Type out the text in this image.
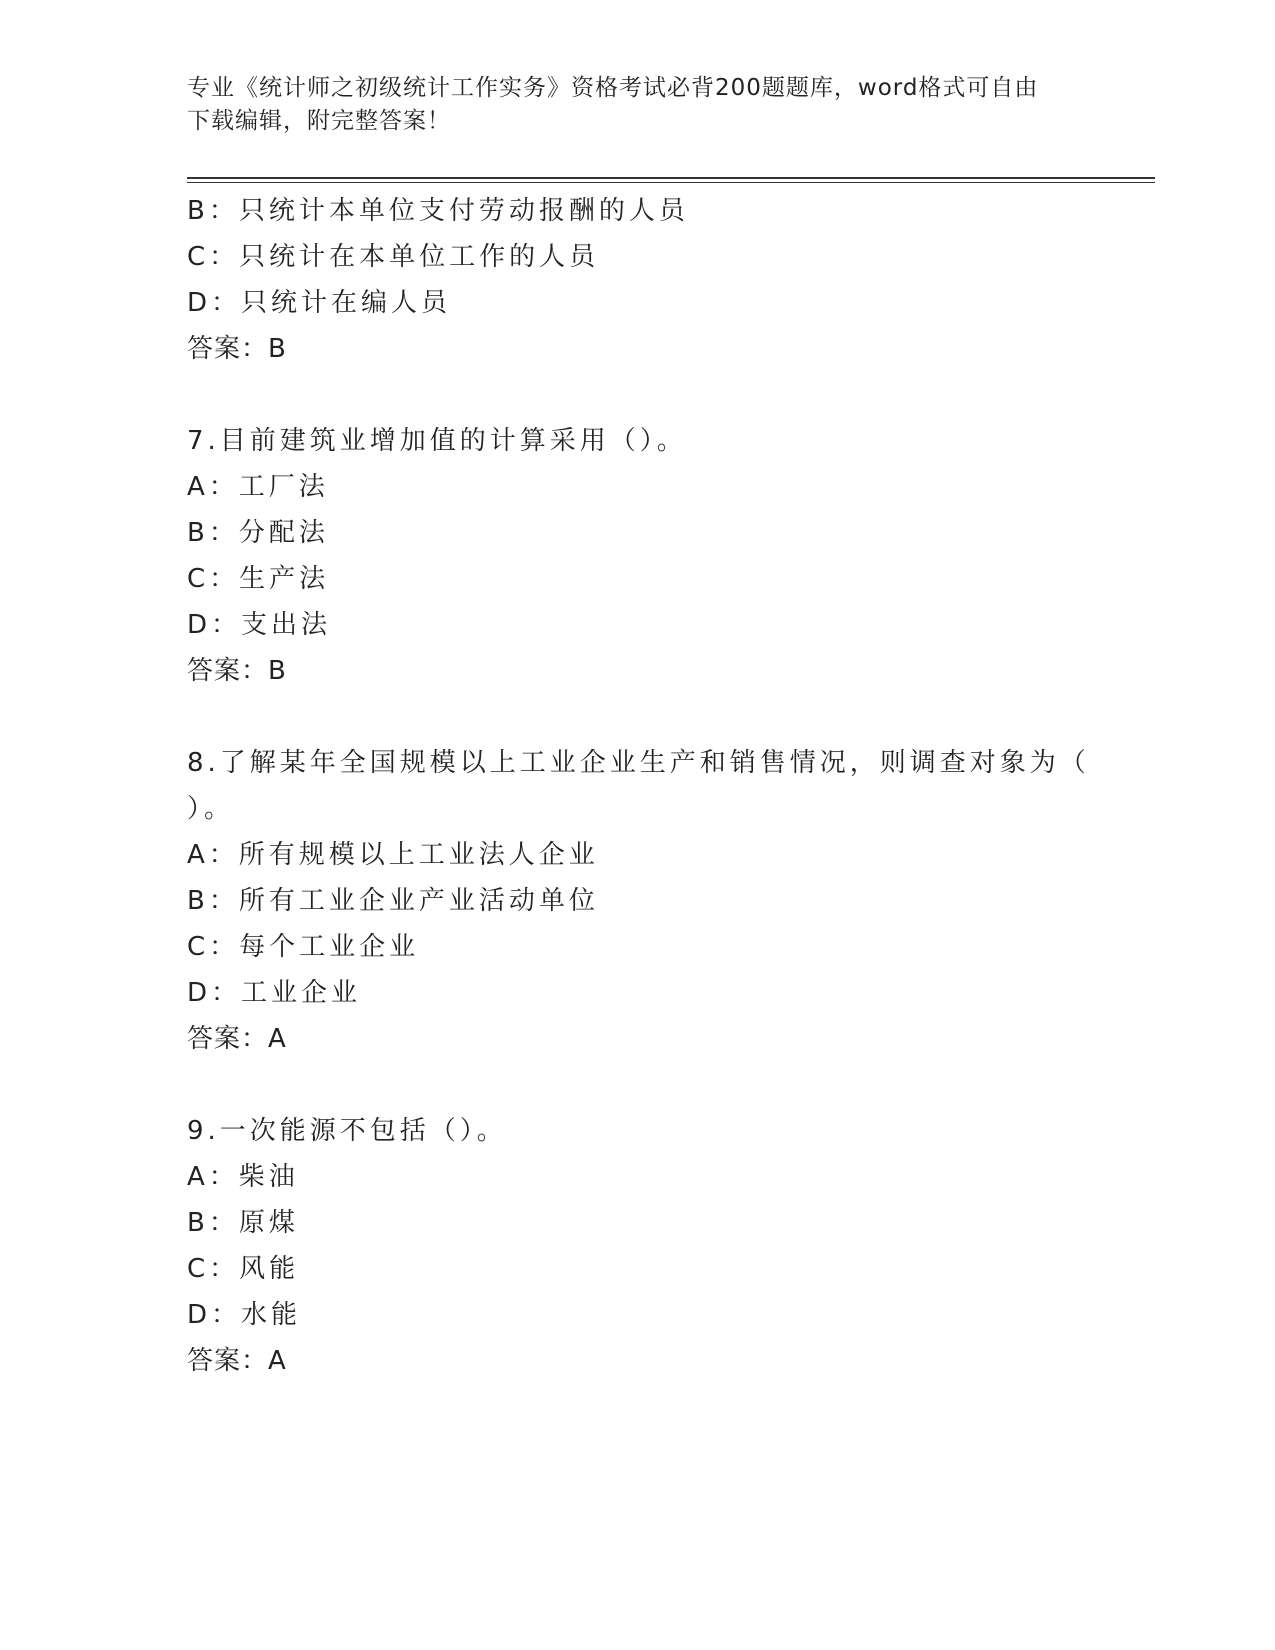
专业《统计师之初级统计工作实务》资格考试必背200题题库，word格式可自由
下载编辑，附完整答案！
B：只统计本单位支付劳动报酬的人员
C：只统计在本单位工作的人员
D：只统计在编人员
答案：B
7.目前建筑业增加值的计算采用（）。
A：工厂法
B：分配法
C：生产法
D：支出法
答案：B
8.了解某年全国规模以上工业企业生产和销售情况，则调查对象为（
）。
A：所有规模以上工业法人企业
B：所有工业企业产业活动单位
C：每个工业企业
D：工业企业
答案：A
9.一次能源不包括（）。
A：柴油
B：原煤
C：风能
D：水能
答案：A
